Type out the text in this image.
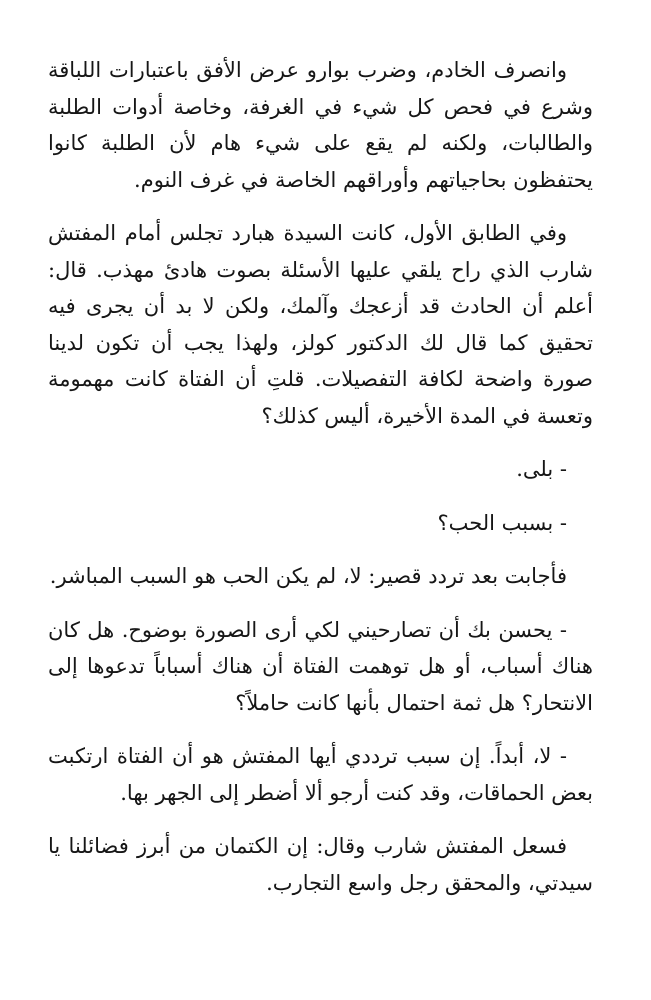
وانصرف الخادم، وضرب بوارو عرض الأفق باعتبارات اللباقة وشرع في فحص كل شيء في الغرفة، وخاصة أدوات الطلبة والطالبات، ولكنه لم يقع على شيء هام لأن الطلبة كانوا يحتفظون بحاجياتهم وأوراقهم الخاصة في غرف النوم.

وفي الطابق الأول، كانت السيدة هبارد تجلس أمام المفتش شارب الذي راح يلقي عليها الأسئلة بصوت هادئ مهذب. قال: أعلم أن الحادث قد أزعجك وآلمك، ولكن لا بد أن يجرى فيه تحقيق كما قال لك الدكتور كولز، ولهذا يجب أن تكون لدينا صورة واضحة لكافة التفصيلات. قلتِ أن الفتاة كانت مهمومة وتعسة في المدة الأخيرة، أليس كذلك؟

- بلى.

- بسبب الحب؟

فأجابت بعد تردد قصير: لا، لم يكن الحب هو السبب المباشر.

- يحسن بك أن تصارحيني لكي أرى الصورة بوضوح. هل كان هناك أسباب، أو هل توهمت الفتاة أن هناك أسباباً تدعوها إلى الانتحار؟ هل ثمة احتمال بأنها كانت حاملاً؟

- لا، أبداً. إن سبب ترددي أيها المفتش هو أن الفتاة ارتكبت بعض الحماقات، وقد كنت أرجو ألا أضطر إلى الجهر بها.

فسعل المفتش شارب وقال: إن الكتمان من أبرز فضائلنا يا سيدتي، والمحقق رجل واسع التجارب.
